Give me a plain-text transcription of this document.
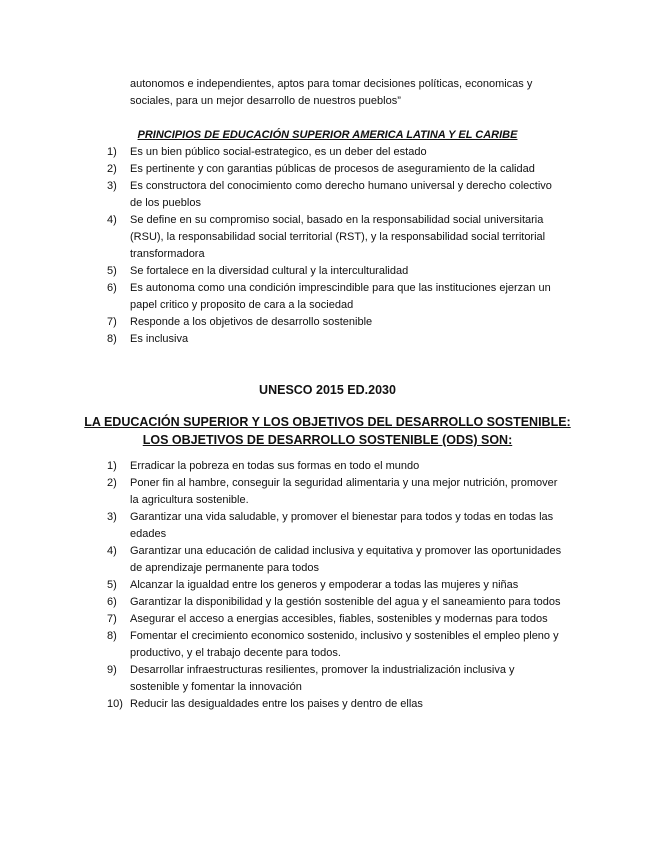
autonomos e independientes, aptos para tomar decisiones políticas, economicas y

sociales, para un mejor desarrollo de nuestros pueblos”

PRINCIPIOS DE EDUCACIÓN SUPERIOR AMERICA LATINA Y EL CARIBE
1)	Es un bien público social-estrategico, es un deber del estado
2)	Es pertinente y con garantias públicas de procesos de aseguramiento de la calidad
3)	Es constructora del conocimiento como derecho humano universal y derecho colectivo de los pueblos
4)	Se define en su compromiso social, basado en la responsabilidad social universitaria (RSU), la responsabilidad social territorial (RST), y la responsabilidad social territorial transformadora
5)	Se fortalece en la diversidad cultural y la interculturalidad
6)	Es autonoma como una condición imprescindible para que las instituciones ejerzan un papel critico y proposito de cara a la sociedad
7)	Responde a los objetivos de desarrollo sostenible
8)	Es inclusiva
UNESCO 2015 ED.2030
LA EDUCACIÓN SUPERIOR Y LOS OBJETIVOS DEL DESARROLLO SOSTENIBLE:
LOS OBJETIVOS DE DESARROLLO SOSTENIBLE (ODS) SON:
1)	Erradicar la pobreza en todas sus formas en todo el mundo
2)	Poner fin al hambre, conseguir la seguridad alimentaria y una mejor nutrición, promover la agricultura sostenible.
3)	Garantizar una vida saludable, y promover el bienestar para todos y todas en todas las edades
4)	Garantizar una educación de calidad inclusiva y equitativa y promover las oportunidades de aprendizaje permanente para todos
5)	Alcanzar la igualdad entre los generos y empoderar a todas las mujeres y niñas
6)	Garantizar la disponibilidad y la gestión sostenible del agua y el saneamiento para todos
7)	Asegurar el acceso a energias accesibles, fiables, sostenibles y modernas para todos
8)	Fomentar el crecimiento economico sostenido, inclusivo y sostenibles el empleo pleno y productivo, y el trabajo decente para todos.
9)	Desarrollar infraestructuras resilientes, promover la industrialización inclusiva y sostenible y fomentar la innovación
10) Reducir las desigualdades entre los paises y dentro de ellas
